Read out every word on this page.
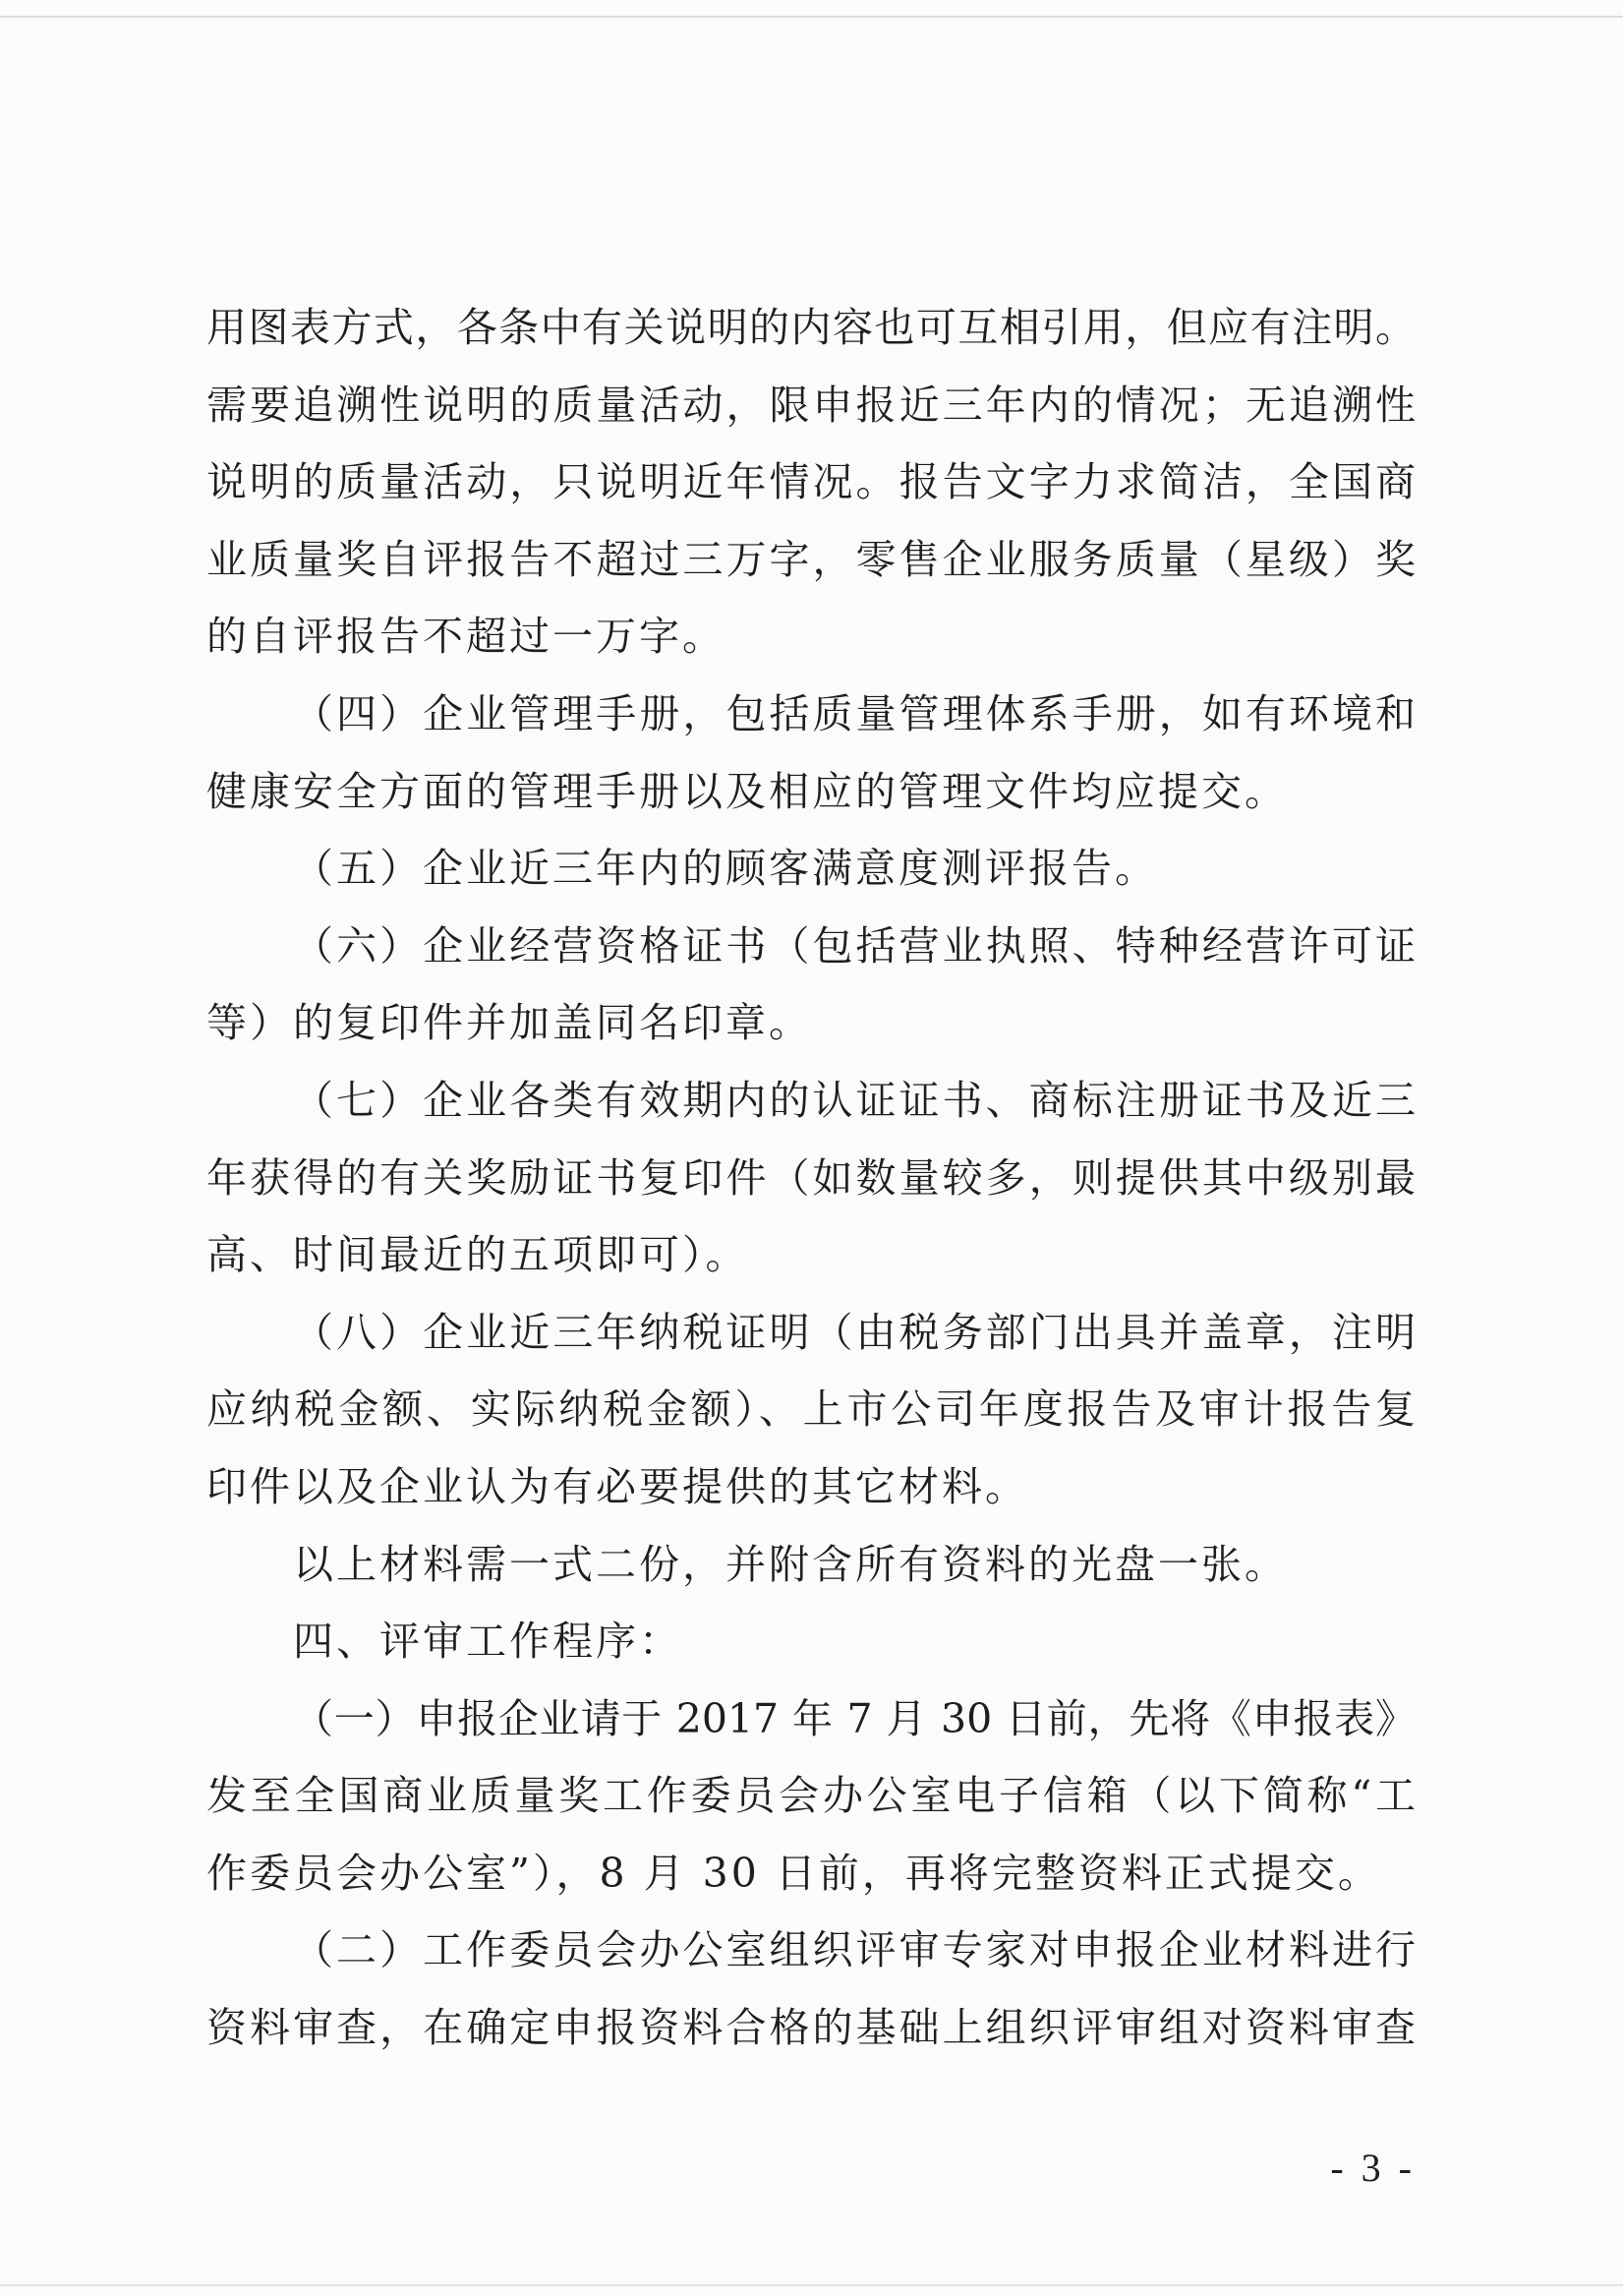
用图表方式，各条中有关说明的内容也可互相引用，但应有注明。
需要追溯性说明的质量活动，限申报近三年内的情况；无追溯性
说明的质量活动，只说明近年情况。报告文字力求简洁，全国商
业质量奖自评报告不超过三万字，零售企业服务质量（星级）奖
的自评报告不超过一万字。
（四）企业管理手册，包括质量管理体系手册，如有环境和
健康安全方面的管理手册以及相应的管理文件均应提交。
（五）企业近三年内的顾客满意度测评报告。
（六）企业经营资格证书（包括营业执照、特种经营许可证
等）的复印件并加盖同名印章。
（七）企业各类有效期内的认证证书、商标注册证书及近三
年获得的有关奖励证书复印件（如数量较多，则提供其中级别最
高、时间最近的五项即可）。
（八）企业近三年纳税证明（由税务部门出具并盖章，注明
应纳税金额、实际纳税金额）、上市公司年度报告及审计报告复
印件以及企业认为有必要提供的其它材料。
以上材料需一式二份，并附含所有资料的光盘一张。
四、评审工作程序：
（一）申报企业请于 2017 年 7 月 30 日前，先将《申报表》
发至全国商业质量奖工作委员会办公室电子信箱（以下简称“工
作委员会办公室”），8 月 30 日前，再将完整资料正式提交。
（二）工作委员会办公室组织评审专家对申报企业材料进行
资料审查，在确定申报资料合格的基础上组织评审组对资料审查
- 3 -
